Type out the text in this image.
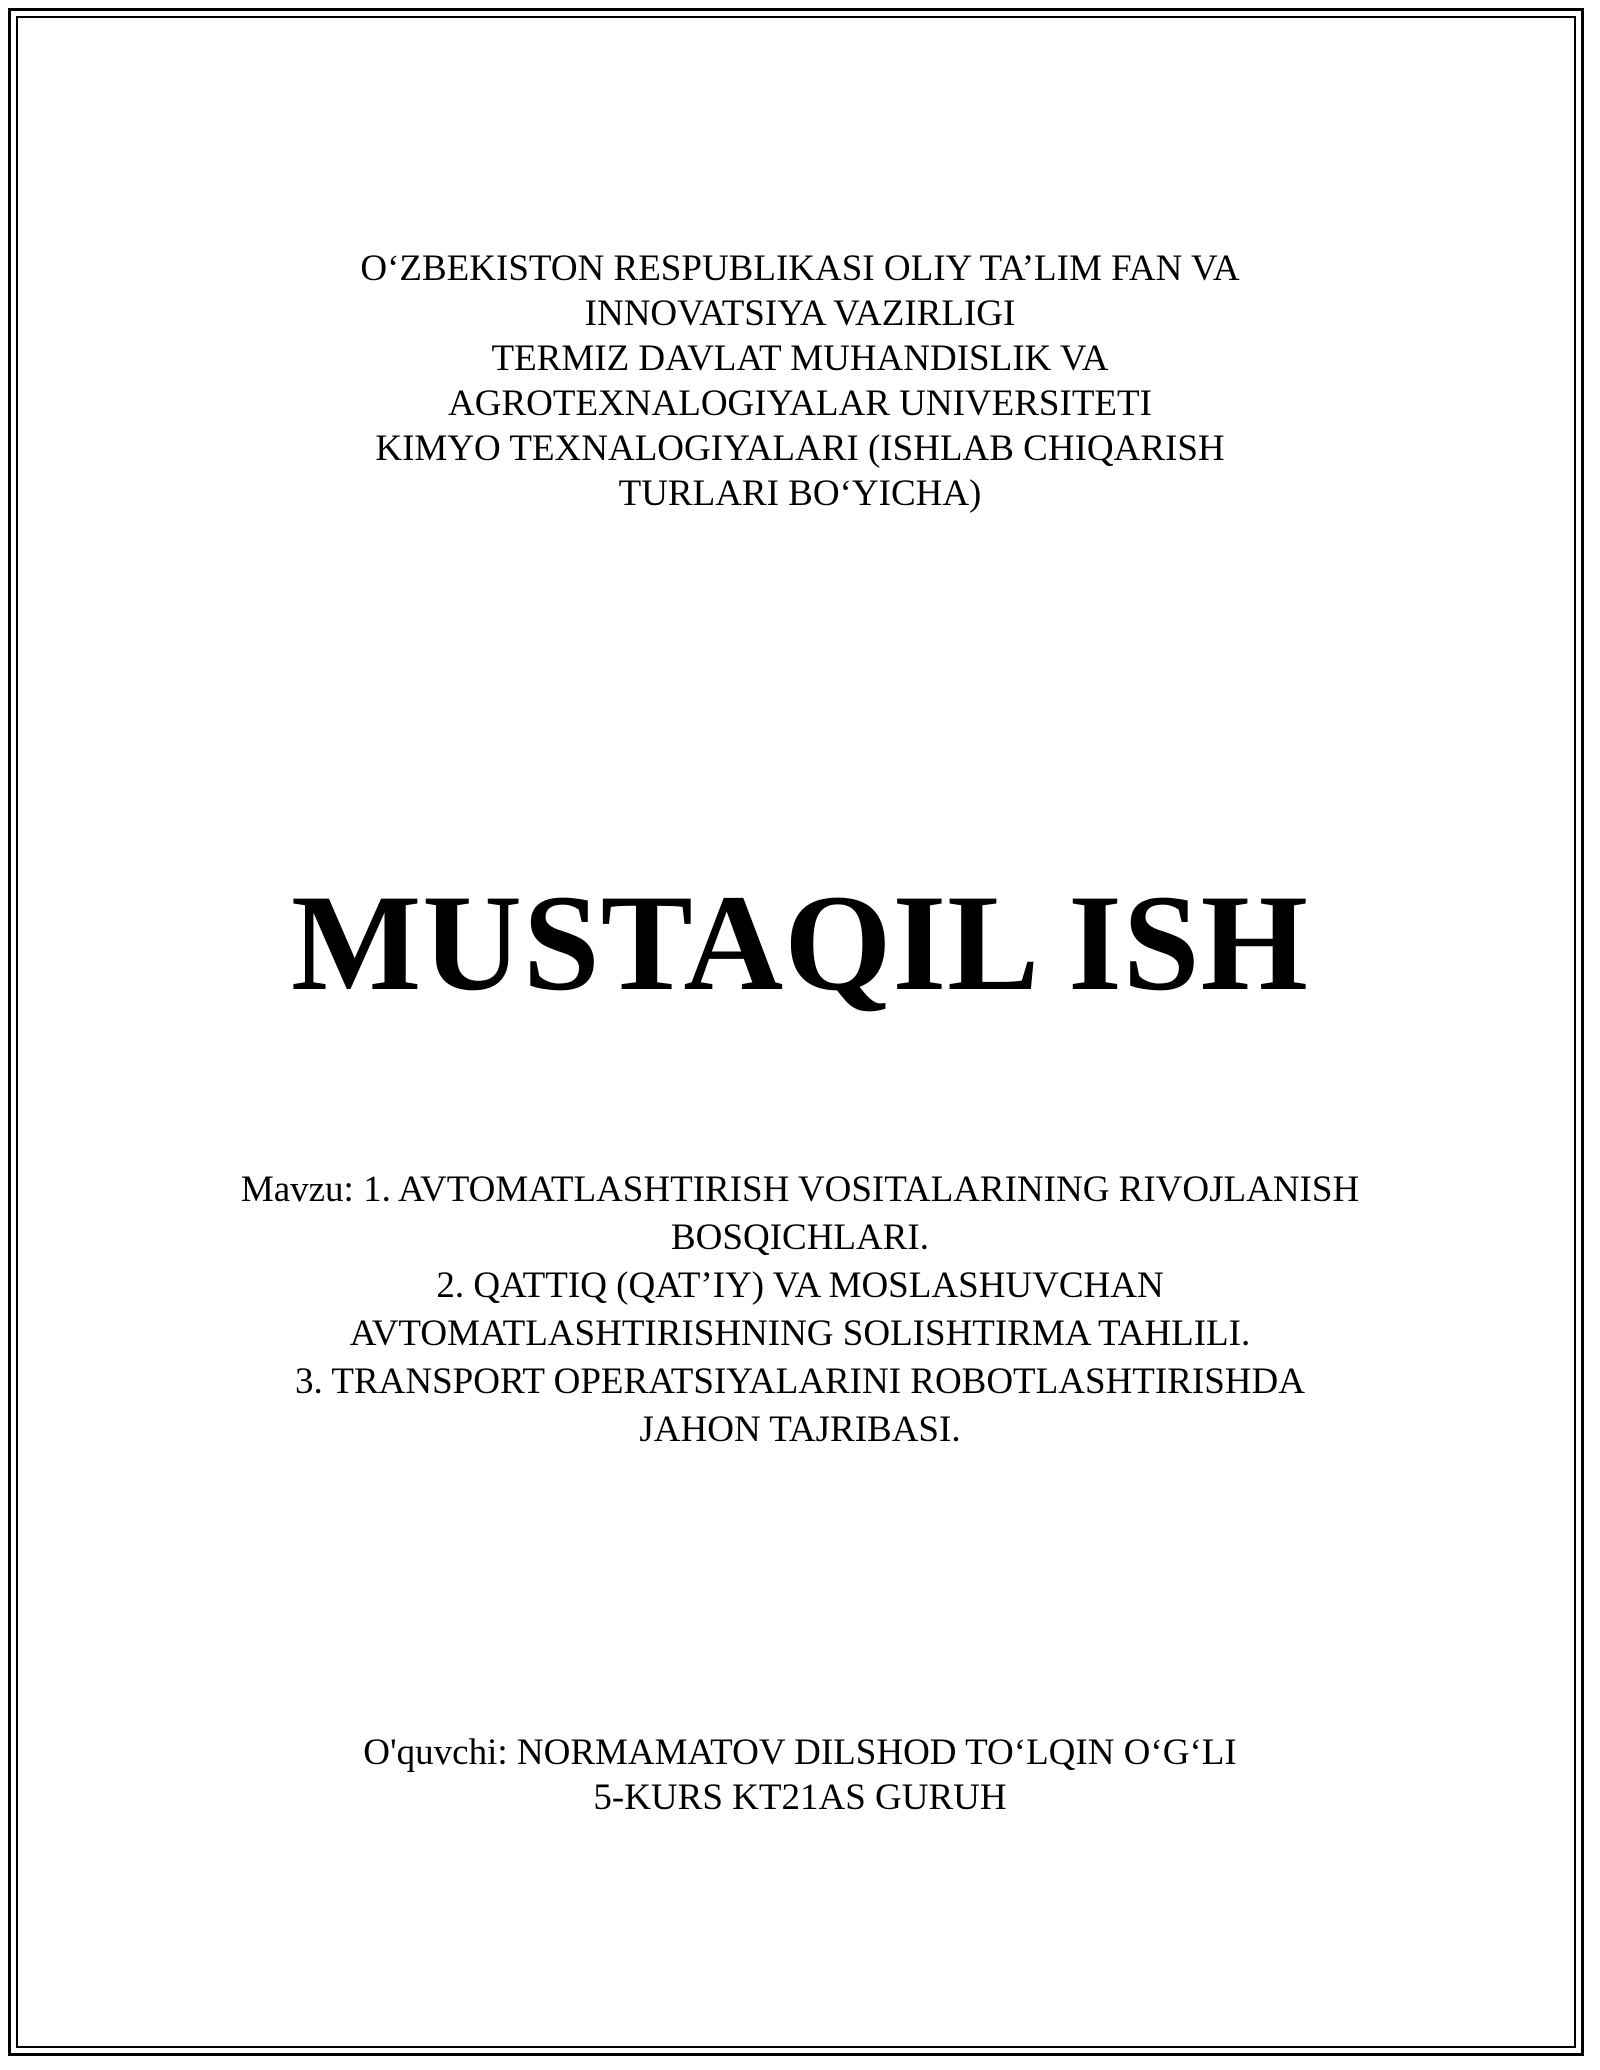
O‘ZBEKISTON RESPUBLIKASI OLIY TA’LIM FAN VA
INNOVATSIYA VAZIRLIGI
TERMIZ DAVLAT MUHANDISLIK VA
AGROTEXNALOGIYALAR UNIVERSITETI
KIMYO TEXNALOGIYALARI (ISHLAB CHIQARISH
TURLARI BO‘YICHA)
MUSTAQIL ISH
Mavzu: 1. AVTOMATLASHTIRISH VOSITALARINING RIVOJLANISH
BOSQICHLARI.
2. QATTIQ (QAT’IY) VA MOSLASHUVCHAN
AVTOMATLASHTIRISHNING SOLISHTIRMA TAHLILI.
3. TRANSPORT OPERATSIYALARINI ROBOTLASHTIRISHDA
JAHON TAJRIBASI.
O'quvchi: NORMAMATOV DILSHOD TO‘LQIN O‘G‘LI
5-KURS KT21AS GURUH
